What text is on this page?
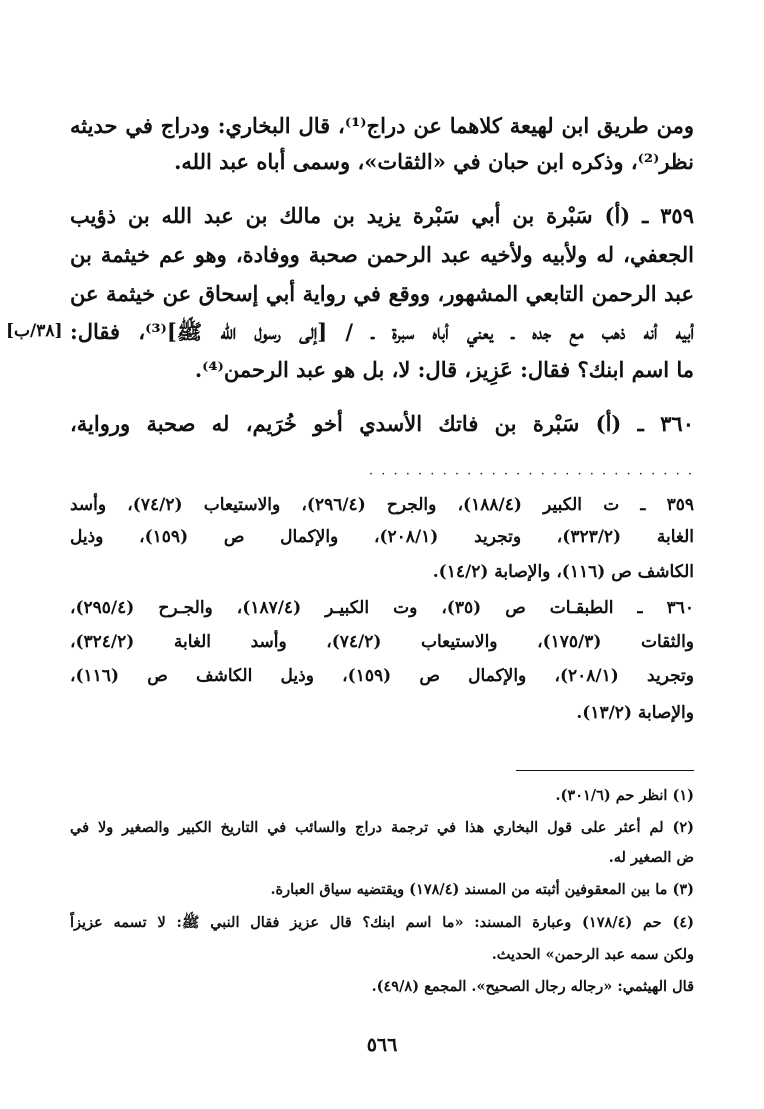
ومن طريق ابن لهيعة كلاهما عن دراج⁽¹⁾، قال البخاري: ودراج في حديثه
نظر⁽²⁾، وذكره ابن حبان في «الثقات»، وسمى أباه عبد الله.
٣٥٩ ـ (أ) سَبْرة بن أبي سَبْرة يزيد بن مالك بن عبد الله بن ذؤيب
الجعفي، له ولأبيه ولأخيه عبد الرحمن صحبة ووفادة، وهو عم خيثمة بن
عبد الرحمن التابعي المشهور، ووقع في رواية أبي إسحاق عن خيثمة عن
أبيه أنه ذهب مع جده ـ يعني أباه سبرة ـ / [إلى رسول الله ﷺ]⁽³⁾، فقال:
ما اسم ابنك؟ فقال: عَزِيز، قال: لا، بل هو عبد الرحمن⁽⁴⁾.
٣٦٠ ـ (أ) سَبْرة بن فاتك الأسدي أخو خُرَيم، له صحبة ورواية،
[٣٨/ب]
· · · · · · · · · · · · · · · · · · · · · · · · · · ·
٣٥٩ ـ ت الكبير (١٨٨/٤)، والجرح (٢٩٦/٤)، والاستيعاب (٧٤/٢)، وأسد
الغابة (٣٢٣/٢)، وتجريد (٢٠٨/١)، والإكمال ص (١٥٩)، وذيل
الكاشف ص (١١٦)، والإصابة (١٤/٢).
٣٦٠ ـ الطبقـات ص (٣٥)، وت الكبيـر (١٨٧/٤)، والجـرح (٢٩٥/٤)،
والثقات (١٧٥/٣)، والاستيعاب (٧٤/٢)، وأسد الغابة (٣٢٤/٢)،
وتجريد (٢٠٨/١)، والإكمال ص (١٥٩)، وذيل الكاشف ص (١١٦)،
والإصابة (١٣/٢).
(١) انظر حم (٣٠١/٦).
(٢) لم أعثر على قول البخاري هذا في ترجمة دراج والسائب في التاريخ الكبير والصغير ولا في
ض الصغير له.
(٣) ما بين المعقوفين أثبته من المسند (١٧٨/٤) ويقتضيه سياق العبارة.
(٤) حم (١٧٨/٤) وعبارة المسند: «ما اسم ابنك؟ قال عزيز فقال النبي ﷺ: لا تسمه عزيزاً
ولكن سمه عبد الرحمن» الحديث.
قال الهيثمي: «رجاله رجال الصحيح». المجمع (٤٩/٨).
٥٦٦
